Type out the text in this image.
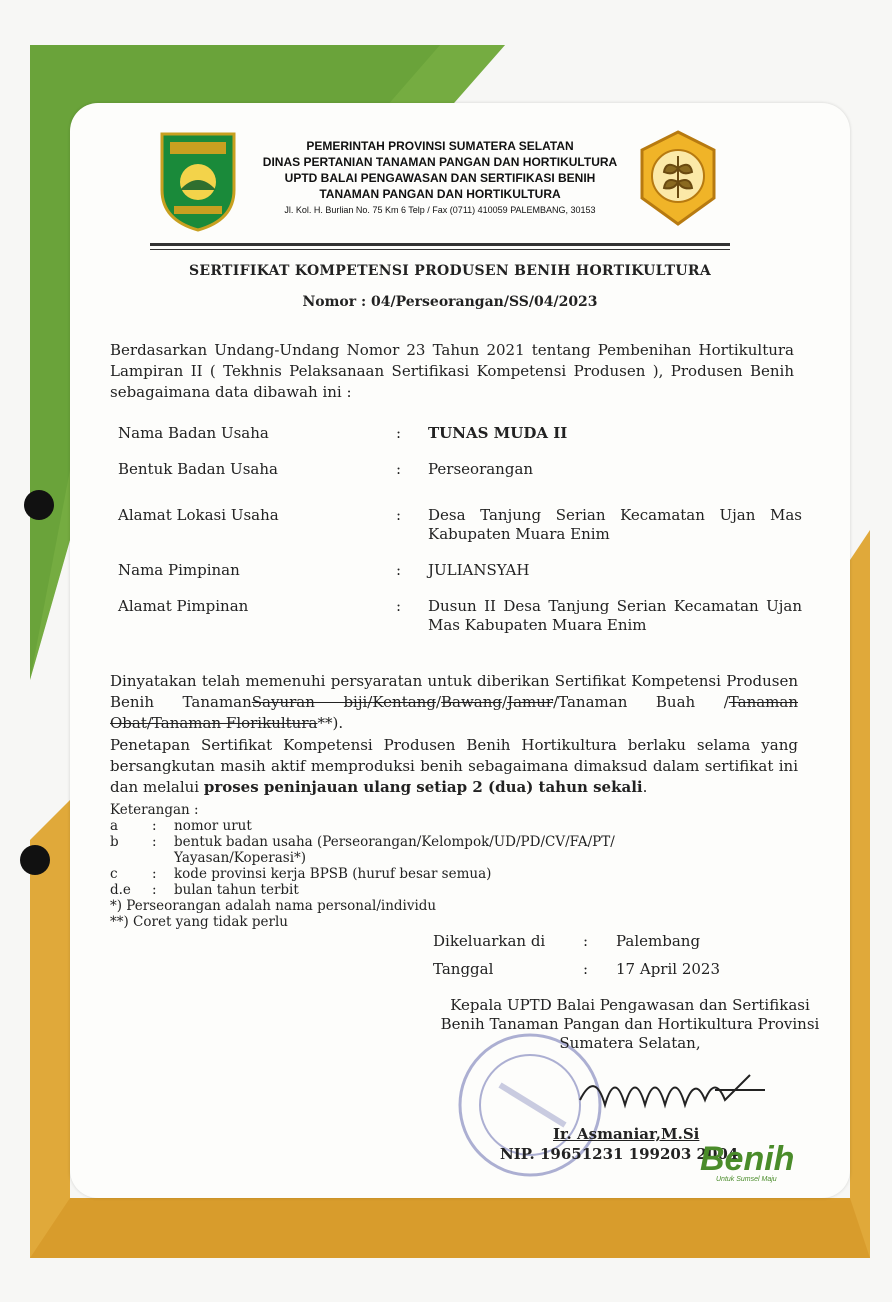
PEMERINTAH PROVINSI SUMATERA SELATAN
DINAS PERTANIAN TANAMAN PANGAN DAN HORTIKULTURA
UPTD BALAI PENGAWASAN DAN SERTIFIKASI BENIH
TANAMAN PANGAN DAN HORTIKULTURA
Jl. Kol. H. Burlian No. 75 Km 6 Telp / Fax (0711) 410059 PALEMBANG, 30153
SERTIFIKAT KOMPETENSI PRODUSEN BENIH HORTIKULTURA
Nomor : 04/Perseorangan/SS/04/2023
Berdasarkan Undang-Undang Nomor 23 Tahun 2021 tentang Pembenihan Hortikultura Lampiran II ( Tekhnis Pelaksanaan Sertifikasi Kompetensi Produsen ), Produsen Benih sebagaimana data dibawah ini :
Nama Badan Usaha	: TUNAS MUDA II
Bentuk Badan Usaha	: Perseorangan
Alamat Lokasi Usaha	: Desa Tanjung Serian Kecamatan Ujan Mas Kabupaten Muara Enim
Nama Pimpinan	: JULIANSYAH
Alamat Pimpinan	: Dusun II Desa Tanjung Serian Kecamatan Ujan Mas Kabupaten Muara Enim
Dinyatakan telah memenuhi persyaratan untuk diberikan Sertifikat Kompetensi Produsen Benih TanamanSayuran biji/Kentang/Bawang/Jamur/Tanaman Buah /Tanaman Obat/Tanaman Florikultura**).
Penetapan Sertifikat Kompetensi Produsen Benih Hortikultura berlaku selama yang bersangkutan masih aktif memproduksi benih sebagaimana dimaksud dalam sertifikat ini dan melalui proses peninjauan ulang setiap 2 (dua) tahun sekali.
Keterangan :
a	: nomor urut
b	:	bentuk badan usaha (Perseorangan/Kelompok/UD/PD/CV/FA/PT/ Yayasan/Koperasi*)
c	: kode provinsi kerja BPSB (huruf besar semua)
d.e : bulan tahun terbit
*) Perseorangan adalah nama personal/individu
**) Coret yang tidak perlu
Dikeluarkan di	: Palembang
Tanggal	: 17 April 2023
Kepala UPTD Balai Pengawasan dan Sertifikasi Benih Tanaman Pangan dan Hortikultura Provinsi Sumatera Selatan,
Ir. Asmaniar,M.Si
NIP. 19651231 199203 2004
Benih
Untuk Sumsel Maju
